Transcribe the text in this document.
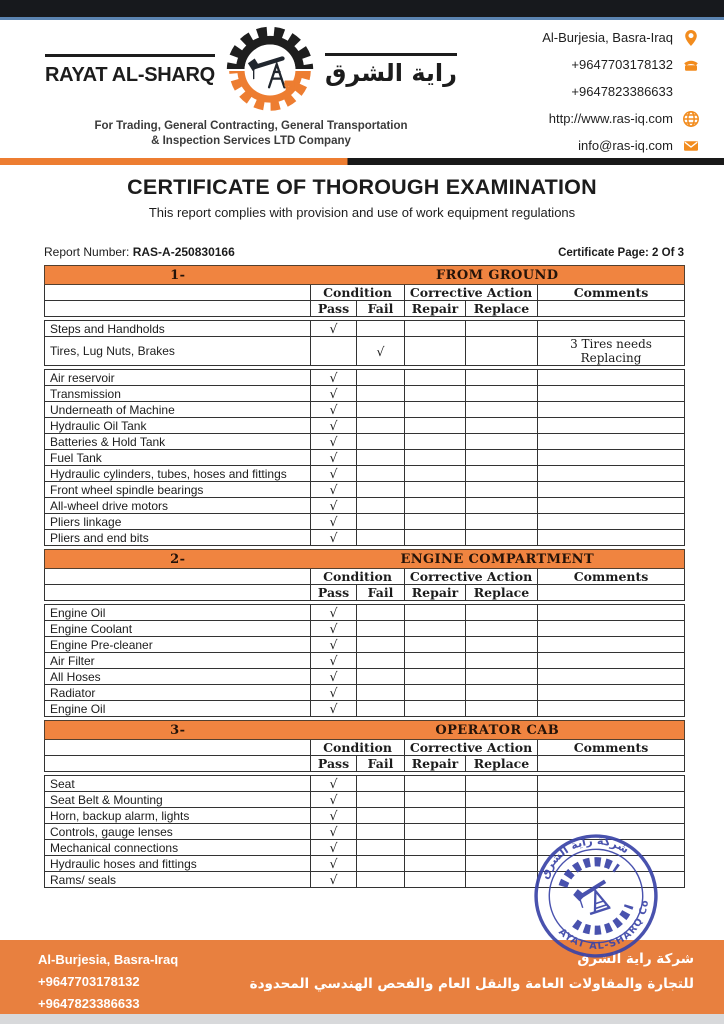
RAYAT AL-SHARQ	راية الشرق
For Trading, General Contracting, General Transportation
& Inspection Services LTD Company
Al-Burjesia, Basra-Iraq
+9647703178132
+9647823386633
http://www.ras-iq.com
info@ras-iq.com
CERTIFICATE OF THOROUGH EXAMINATION
This report complies with provision and use of work equipment regulations
Report Number: RAS-A-250830166	Certificate Page: 2 Of 3
1-	FROM GROUND				
	Condition		Corrective Action		Comments
	Pass	Fail	Repair	Replace	
Steps and Handholds	√				
Tires, Lug Nuts, Brakes		√			3 Tires needs Replacing
Air reservoir	√				
Transmission	√				
Underneath of Machine	√				
Hydraulic Oil Tank	√				
Batteries & Hold Tank	√				
Fuel Tank	√				
Hydraulic cylinders, tubes, hoses and fittings	√				
Front wheel spindle bearings	√				
All-wheel drive motors	√				
Pliers linkage	√				
Pliers and end bits	√				
2-	ENGINE COMPARTMENT				
	Condition		Corrective Action		Comments
	Pass	Fail	Repair	Replace	
Engine Oil	√				
Engine Coolant	√				
Engine Pre-cleaner	√				
Air Filter	√				
All Hoses	√				
Radiator	√				
Engine Oil	√				
3-	OPERATOR CAB				
	Condition		Corrective Action		Comments
	Pass	Fail	Repair	Replace	
Seat	√				
Seat Belt & Mounting	√				
Horn, backup alarm, lights	√				
Controls, gauge lenses	√				
Mechanical connections	√				
Hydraulic hoses and fittings	√				
Rams/ seals	√					شركة راية الشرق
RAYAT AL-SHARQ Co.
Al-Burjesia, Basra-Iraq
+9647703178132
+9647823386633
شركة راية الشرق
للتجارة والمقاولات العامة والنقل العام والفحص الهندسي المحدودة
